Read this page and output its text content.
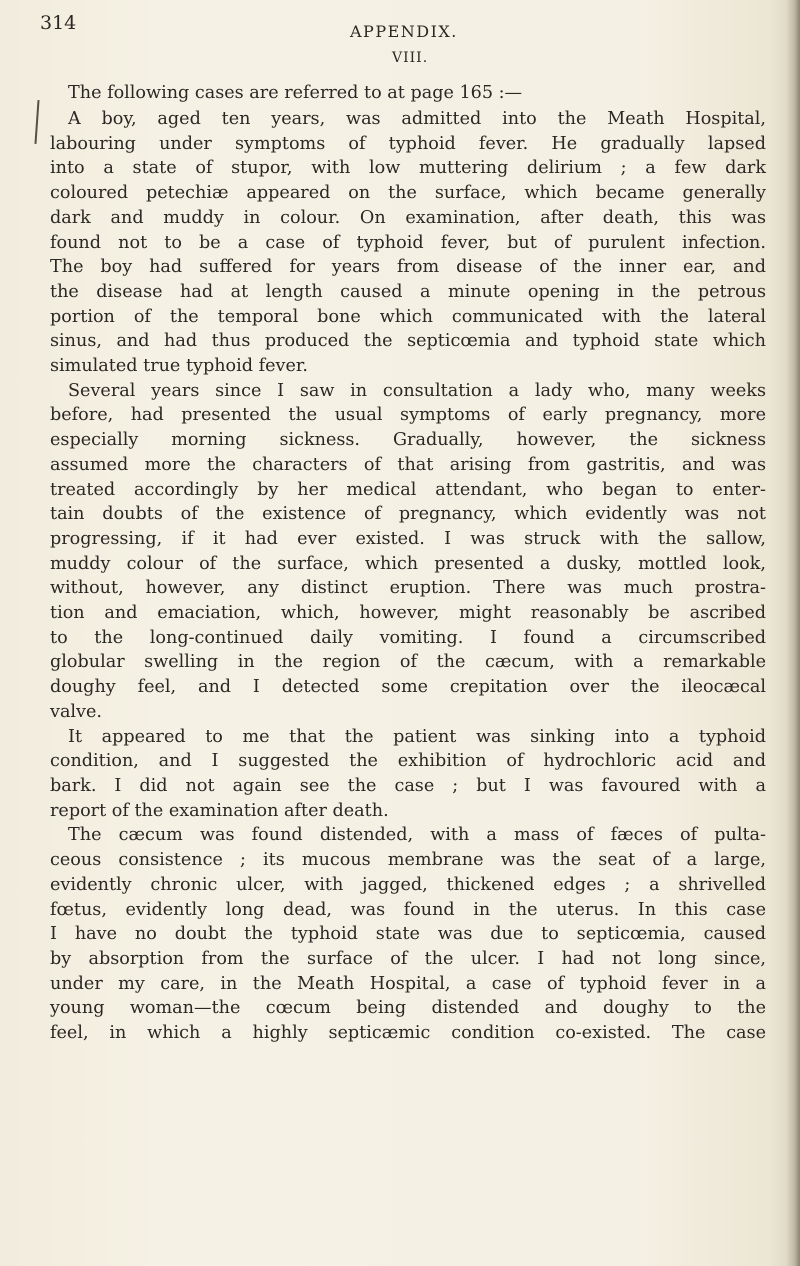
314	APPENDIX.
VIII.
The following cases are referred to at page 165 :—
A boy, aged ten years, was admitted into the Meath Hospital,
labouring under symptoms of typhoid fever. He gradually lapsed
into a state of stupor, with low muttering delirium ; a few dark
coloured petechiæ appeared on the surface, which became generally
dark and muddy in colour. On examination, after death, this was
found not to be a case of typhoid fever, but of purulent infection.
The boy had suffered for years from disease of the inner ear, and
the disease had at length caused a minute opening in the petrous
portion of the temporal bone which communicated with the lateral
sinus, and had thus produced the septicœmia and typhoid state which
simulated true typhoid fever.
Several years since I saw in consultation a lady who, many weeks
before, had presented the usual symptoms of early pregnancy, more
especially morning sickness. Gradually, however, the sickness
assumed more the characters of that arising from gastritis, and was
treated accordingly by her medical attendant, who began to enter-
tain doubts of the existence of pregnancy, which evidently was not
progressing, if it had ever existed. I was struck with the sallow,
muddy colour of the surface, which presented a dusky, mottled look,
without, however, any distinct eruption. There was much prostra-
tion and emaciation, which, however, might reasonably be ascribed
to the long-continued daily vomiting. I found a circumscribed
globular swelling in the region of the cæcum, with a remarkable
doughy feel, and I detected some crepitation over the ileocæcal
valve.
It appeared to me that the patient was sinking into a typhoid
condition, and I suggested the exhibition of hydrochloric acid and
bark. I did not again see the case ; but I was favoured with a
report of the examination after death.
The cæcum was found distended, with a mass of fæces of pulta-
ceous consistence ; its mucous membrane was the seat of a large,
evidently chronic ulcer, with jagged, thickened edges ; a shrivelled
fœtus, evidently long dead, was found in the uterus. In this case
I have no doubt the typhoid state was due to septicœmia, caused
by absorption from the surface of the ulcer. I had not long since,
under my care, in the Meath Hospital, a case of typhoid fever in a
young woman—the cœcum being distended and doughy to the
feel, in which a highly septicæmic condition co-existed. The case
